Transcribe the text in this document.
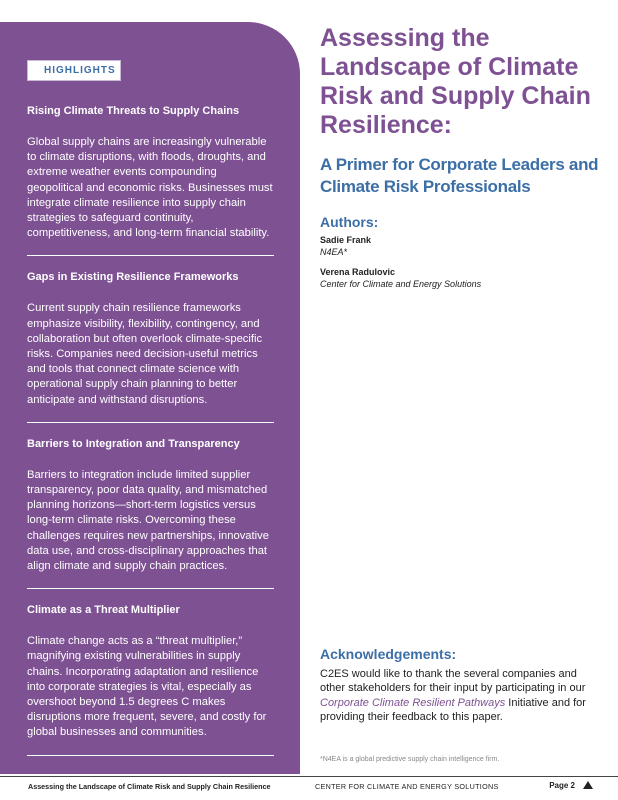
HIGHLIGHTS

Rising Climate Threats to Supply Chains

Global supply chains are increasingly vulnerable to climate disruptions, with floods, droughts, and extreme weather events compounding geopolitical and economic risks. Businesses must integrate climate resilience into supply chain strategies to safeguard continuity, competitiveness, and long-term financial stability.

Gaps in Existing Resilience Frameworks

Current supply chain resilience frameworks emphasize visibility, flexibility, contingency, and collaboration but often overlook climate-specific risks. Companies need decision-useful metrics and tools that connect climate science with operational supply chain planning to better anticipate and withstand disruptions.

Barriers to Integration and Transparency

Barriers to integration include limited supplier transparency, poor data quality, and mismatched planning horizons—short-term logistics versus long-term climate risks. Overcoming these challenges requires new partnerships, innovative data use, and cross-disciplinary approaches that align climate and supply chain practices.

Climate as a Threat Multiplier

Climate change acts as a “threat multiplier,” magnifying existing vulnerabilities in supply chains. Incorporating adaptation and resilience into corporate strategies is vital, especially as overshoot beyond 1.5 degrees C makes disruptions more frequent, severe, and costly for global businesses and communities.

Assessing the Landscape of Climate Risk and Supply Chain Resilience:
A Primer for Corporate Leaders and Climate Risk Professionals
Authors:
Sadie Frank
N4EA*
Verena Radulovic
Center for Climate and Energy Solutions
Acknowledgements:

C2ES would like to thank the several companies and other stakeholders for their input by participating in our Corporate Climate Resilient Pathways Initiative and for providing their feedback to this paper.

*N4EA is a global predictive supply chain intelligence firm.
Assessing the Landscape of Climate Risk and Supply Chain Resilience	CENTER FOR CLIMATE AND ENERGY SOLUTIONS	Page 2
